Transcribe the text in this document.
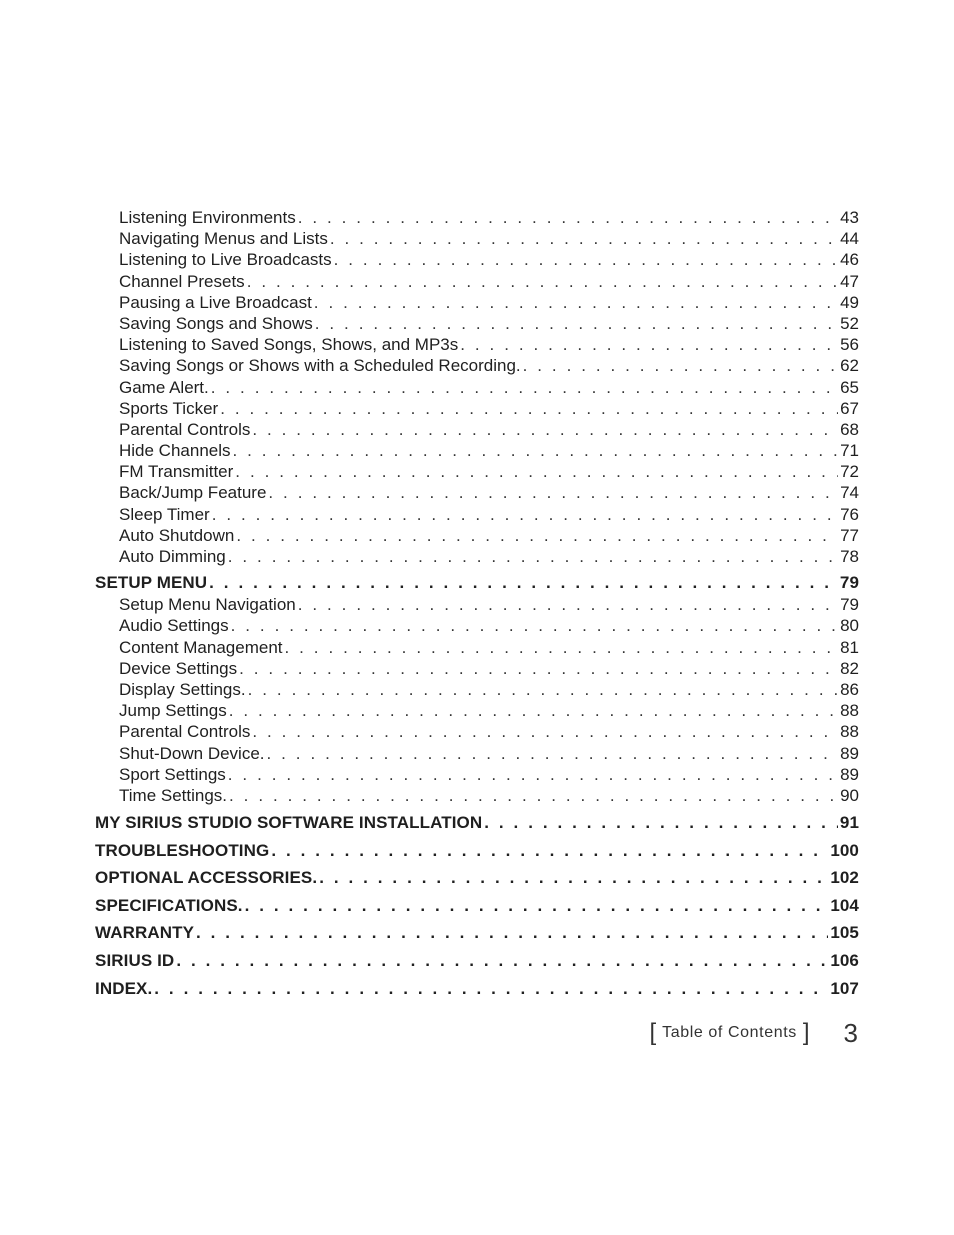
Listening Environments . . .	43
Navigating Menus and Lists . . .	44
Listening to Live Broadcasts . . .	46
Channel Presets . . .	47
Pausing a Live Broadcast . . .	49
Saving Songs and Shows . . .	52
Listening to Saved Songs, Shows, and MP3s . . .	56
Saving Songs or Shows with a Scheduled Recording. . . .	62
Game Alert. . . .	65
Sports Ticker . . .	67
Parental Controls . . .	68
Hide Channels . . .	71
FM Transmitter . . .	72
Back/Jump Feature . . .	74
Sleep Timer . . .	76
Auto Shutdown . . .	77
Auto Dimming . . .	78
SETUP MENU . . .	79
Setup Menu Navigation . . .	79
Audio Settings . . .	80
Content Management . . .	81
Device Settings . . .	82
Display Settings. . . .	86
Jump Settings . . .	88
Parental Controls . . .	88
Shut-Down Device. . . .	89
Sport Settings . . .	89
Time Settings. . . .	90
MY SIRIUS STUDIO SOFTWARE INSTALLATION . . .	91
TROUBLESHOOTING . . .	100
OPTIONAL ACCESSORIES. . . .	102
SPECIFICATIONS. . . .	104
WARRANTY . . .	105
SIRIUS ID . . .	106
INDEX. . . .	107
[ Table of Contents ] 3
